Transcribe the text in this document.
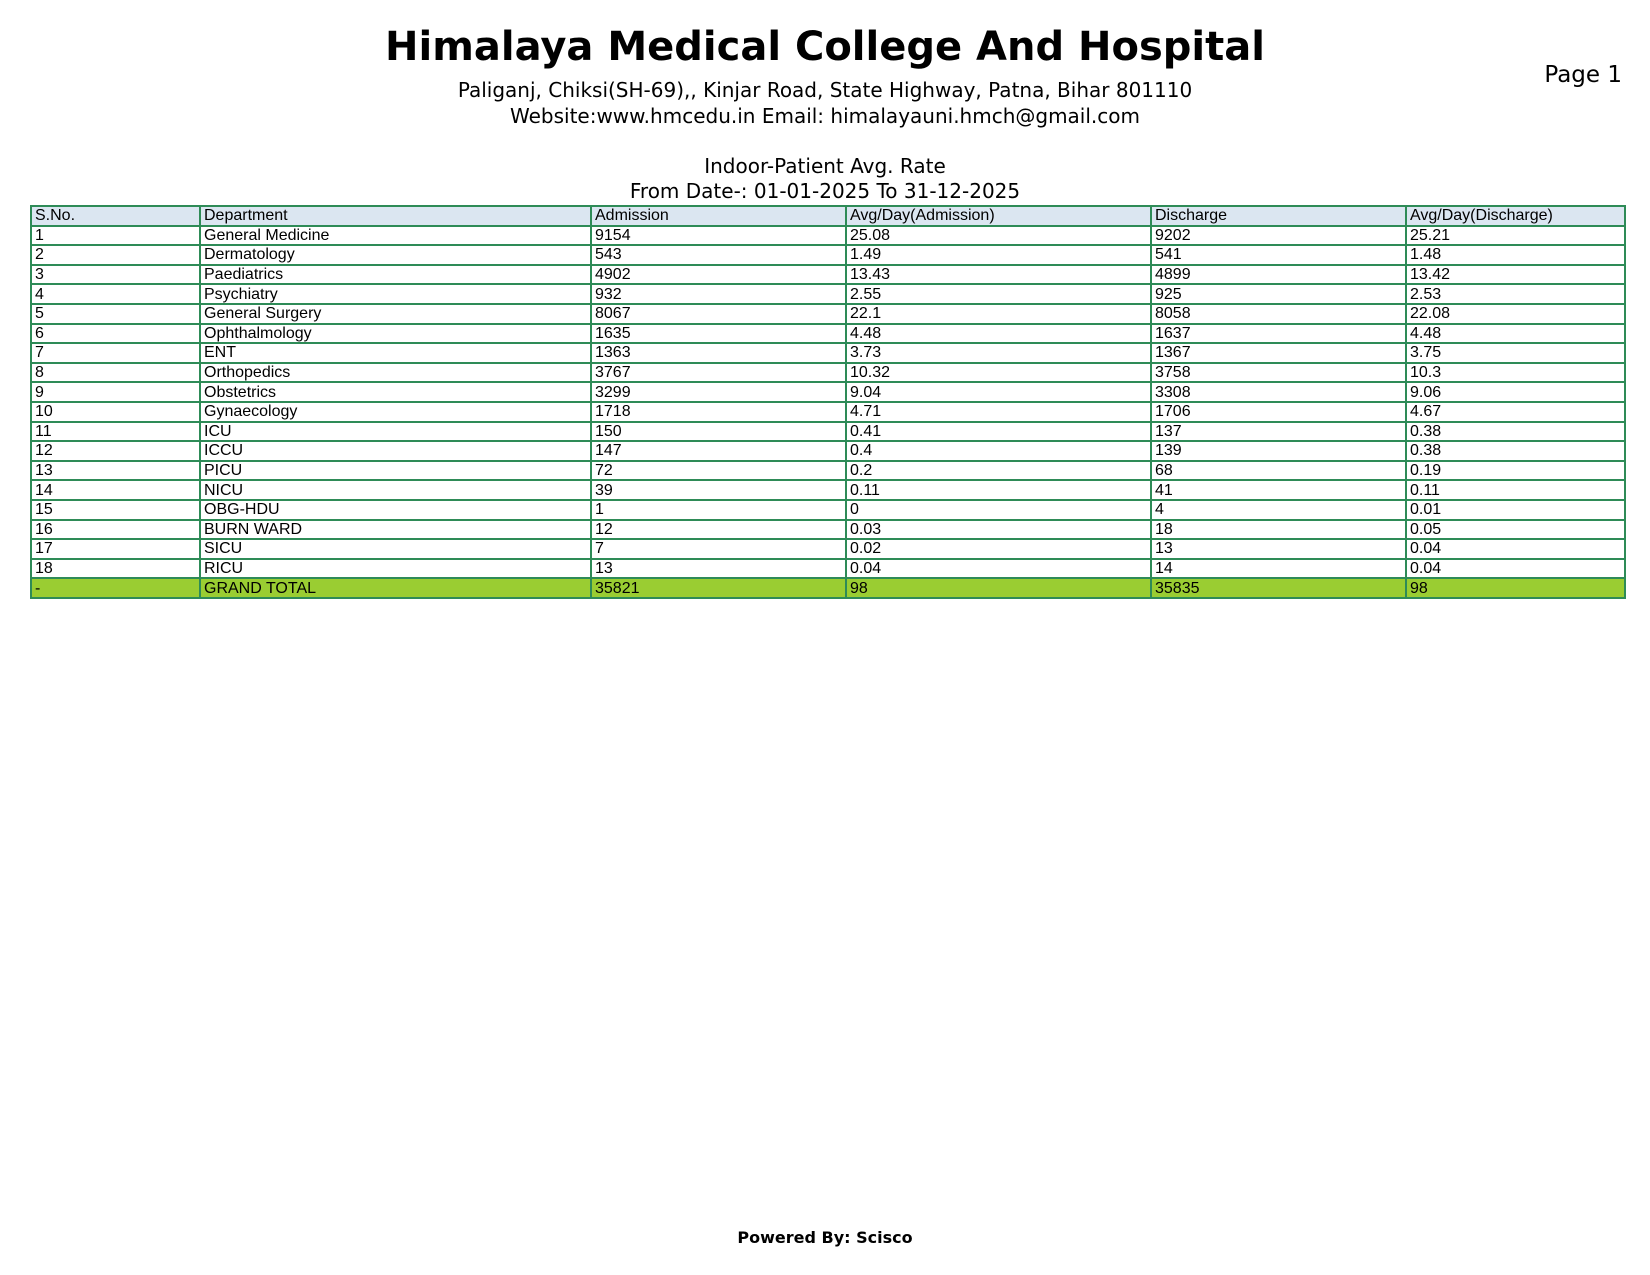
Himalaya Medical College And Hospital

Paliganj, Chiksi(SH-69),, Kinjar Road, State Highway, Patna, Bihar 801110

Website:www.hmcedu.in Email: himalayauni.hmch@gmail.com

Page 1

Indoor-Patient Avg. Rate

From Date-: 01-01-2025 To 31-12-2025

S.No.	Department	Admission	Avg/Day(Admission)	Discharge	Avg/Day(Discharge)
1	General Medicine	9154	25.08	9202	25.21
2	Dermatology	543	1.49	541	1.48
3	Paediatrics	4902	13.43	4899	13.42
4	Psychiatry	932	2.55	925	2.53
5	General Surgery	8067	22.1	8058	22.08
6	Ophthalmology	1635	4.48	1637	4.48
7	ENT	1363	3.73	1367	3.75
8	Orthopedics	3767	10.32	3758	10.3
9	Obstetrics	3299	9.04	3308	9.06
10	Gynaecology	1718	4.71	1706	4.67
11	ICU	150	0.41	137	0.38
12	ICCU	147	0.4	139	0.38
13	PICU	72	0.2	68	0.19
14	NICU	39	0.11	41	0.11
15	OBG-HDU	1	0	4	0.01
16	BURN WARD	12	0.03	18	0.05
17	SICU	7	0.02	13	0.04
18	RICU	13	0.04	14	0.04
-	GRAND TOTAL	35821	98	35835	98
Powered By: Scisco
